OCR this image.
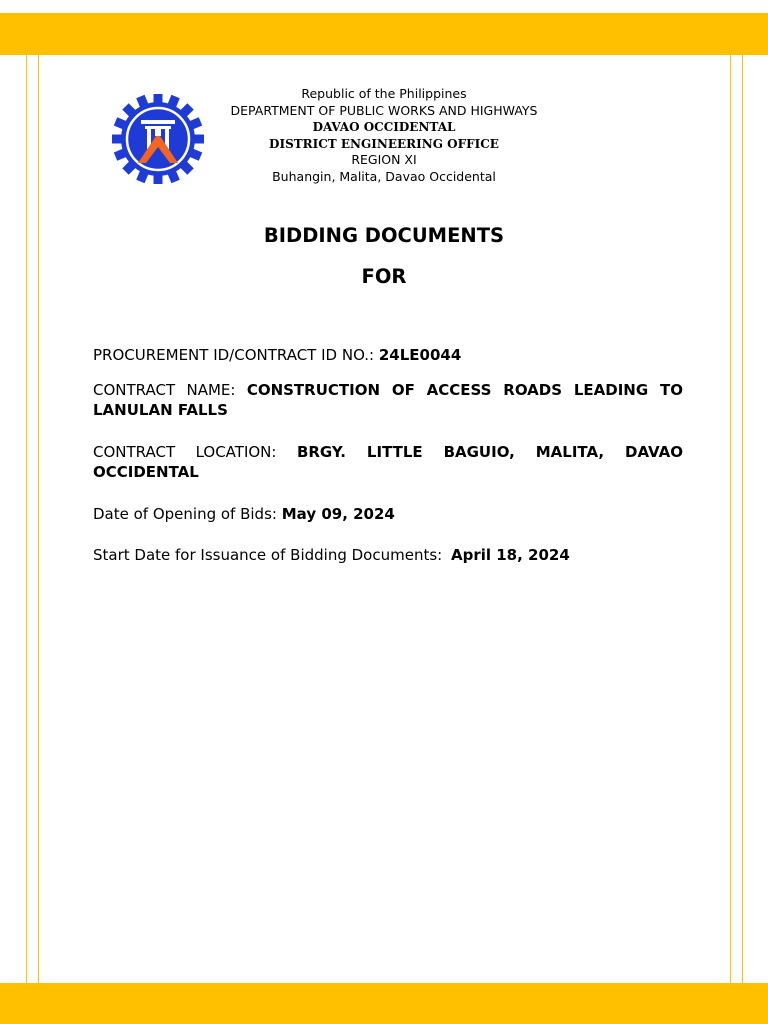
Republic of the Philippines
DEPARTMENT OF PUBLIC WORKS AND HIGHWAYS
DAVAO OCCIDENTAL
DISTRICT ENGINEERING OFFICE
REGION XI
Buhangin, Malita, Davao Occidental
BIDDING DOCUMENTS
FOR
PROCUREMENT ID/CONTRACT ID NO.: 24LE0044
CONTRACT NAME: CONSTRUCTION OF ACCESS ROADS LEADING TO LANULAN FALLS
CONTRACT LOCATION: BRGY. LITTLE BAGUIO, MALITA, DAVAO OCCIDENTAL
Date of Opening of Bids: May 09, 2024
Start Date for Issuance of Bidding Documents: April 18, 2024
